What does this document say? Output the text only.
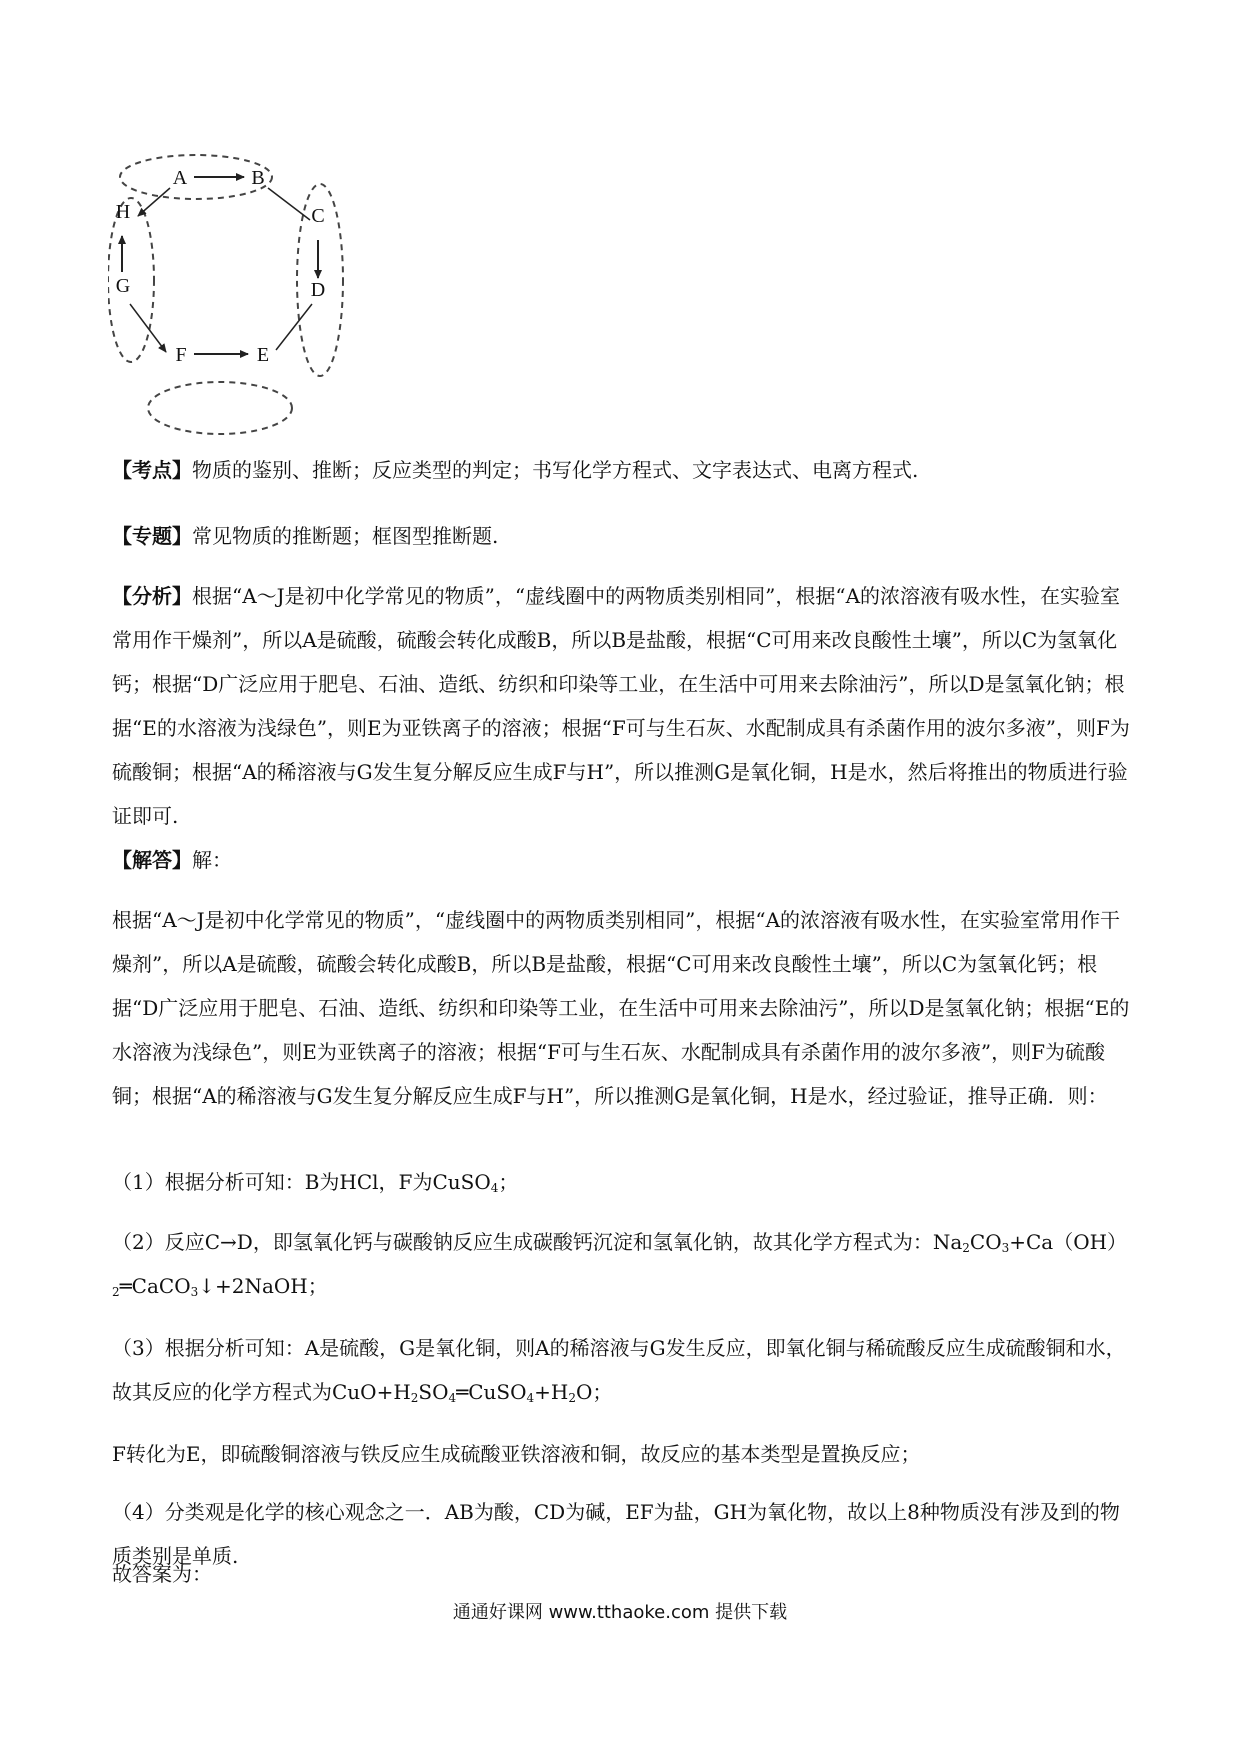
A	B
H	C
G	D
F	E

【考点】物质的鉴别、推断；反应类型的判定；书写化学方程式、文字表达式、电离方程式.

【专题】常见物质的推断题；框图型推断题.

【分析】根据“A～J是初中化学常见的物质”，“虚线圈中的两物质类别相同”，根据“A的浓溶液有吸水性，在实验室常用作干燥剂”，所以A是硫酸，硫酸会转化成酸B，所以B是盐酸，根据“C可用来改良酸性土壤”，所以C为氢氧化钙；根据“D广泛应用于肥皂、石油、造纸、纺织和印染等工业，在生活中可用来去除油污”，所以D是氢氧化钠；根据“E的水溶液为浅绿色”，则E为亚铁离子的溶液；根据“F可与生石灰、水配制成具有杀菌作用的波尔多液”，则F为硫酸铜；根据“A的稀溶液与G发生复分解反应生成F与H”，所以推测G是氧化铜，H是水，然后将推出的物质进行验证即可.

【解答】解：

根据“A～J是初中化学常见的物质”，“虚线圈中的两物质类别相同”，根据“A的浓溶液有吸水性，在实验室常用作干燥剂”，所以A是硫酸，硫酸会转化成酸B，所以B是盐酸，根据“C可用来改良酸性土壤”，所以C为氢氧化钙；根据“D广泛应用于肥皂、石油、造纸、纺织和印染等工业，在生活中可用来去除油污”，所以D是氢氧化钠；根据“E的水溶液为浅绿色”，则E为亚铁离子的溶液；根据“F可与生石灰、水配制成具有杀菌作用的波尔多液”，则F为硫酸铜；根据“A的稀溶液与G发生复分解反应生成F与H”，所以推测G是氧化铜，H是水，经过验证，推导正确．则：

（1）根据分析可知：B为HCl，F为CuSO$_4$；

（2）反应C→D，即氢氧化钙与碳酸钠反应生成碳酸钙沉淀和氢氧化钠，故其化学方程式为：$Na_2CO_3+Ca(OH)_2═CaCO_3↓+2NaOH$；

（3）根据分析可知：A是硫酸，G是氧化铜，则A的稀溶液与G发生反应，即氧化铜与稀硫酸反应生成硫酸铜和水，故其反应的化学方程式为$CuO+H_2SO_4═CuSO_4+H_2O$；

F转化为E，即硫酸铜溶液与铁反应生成硫酸亚铁溶液和铜，故反应的基本类型是置换反应；

（4）分类观是化学的核心观念之一．AB为酸，CD为碱，EF为盐，GH为氧化物，故以上8种物质没有涉及到的物质类别是单质.

故答案为：

通通好课网 www.tthaoke.com 提供下载
